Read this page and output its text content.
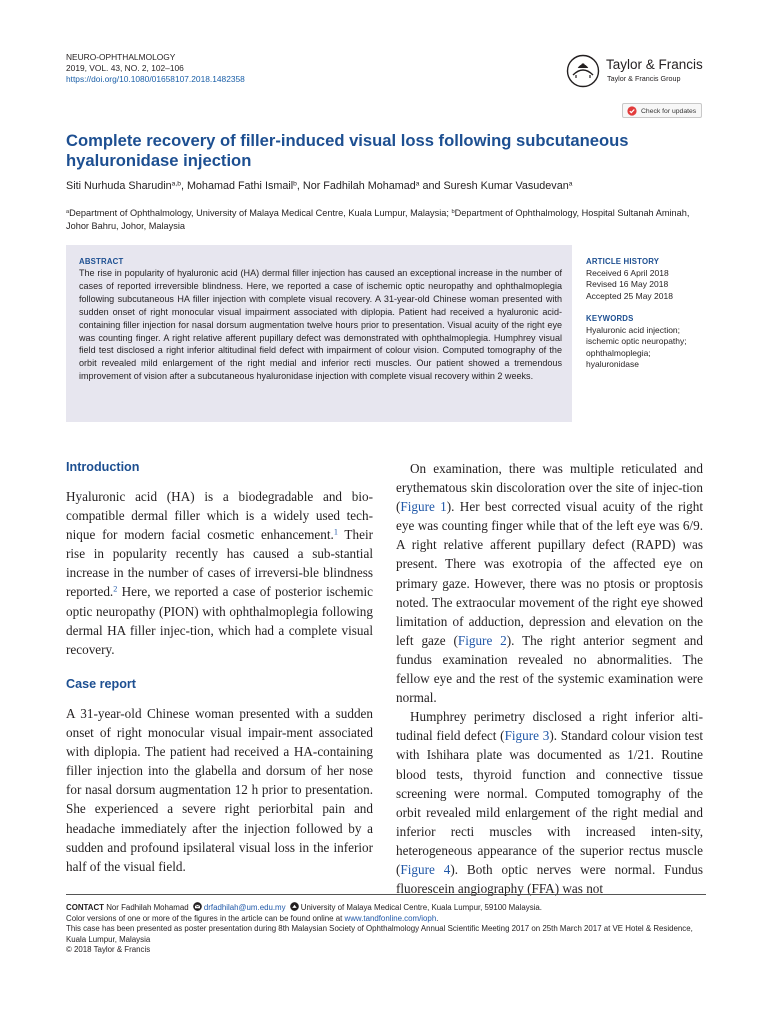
NEURO-OPHTHALMOLOGY
2019, VOL. 43, NO. 2, 102–106
https://doi.org/10.1080/01658107.2018.1482358
Taylor & Francis
Taylor & Francis Group
Check for updates
Complete recovery of filler-induced visual loss following subcutaneous hyaluronidase injection
Siti Nurhuda Sharudin$^{a,b}$, Mohamad Fathi Ismail$^b$, Nor Fadhilah Mohamad$^a$ and Suresh Kumar Vasudevan$^a$
$^a$Department of Ophthalmology, University of Malaya Medical Centre, Kuala Lumpur, Malaysia; $^b$Department of Ophthalmology, Hospital Sultanah Aminah, Johor Bahru, Johor, Malaysia
ABSTRACT
The rise in popularity of hyaluronic acid (HA) dermal filler injection has caused an exceptional increase in the number of cases of reported irreversible blindness. Here, we reported a case of ischemic optic neuropathy and ophthalmoplegia following subcutaneous HA filler injection with complete visual recovery. A 31-year-old Chinese woman presented with sudden onset of right monocular visual impairment associated with diplopia. Patient had received a hyaluronic acid-containing filler injection for nasal dorsum augmentation twelve hours prior to presentation. Visual acuity of the right eye was counting finger. A right relative afferent pupillary defect was demonstrated with ophthalmoplegia. Humphrey visual field test disclosed a right inferior altitudinal field defect with impairment of colour vision. Computed tomography of the orbit revealed mild enlargement of the right medial and inferior recti muscles. Our patient showed a tremendous improvement of vision after a subcutaneous hyaluronidase injection with complete visual recovery within 2 weeks.
ARTICLE HISTORY
Received 6 April 2018
Revised 16 May 2018
Accepted 25 May 2018
KEYWORDS
Hyaluronic acid injection;
ischemic optic neuropathy;
ophthalmoplegia;
hyaluronidase
Introduction

Hyaluronic acid (HA) is a biodegradable and bio-compatible dermal filler which is a widely used tech-nique for modern facial cosmetic enhancement.$^1$ Their rise in popularity recently has caused a sub-stantial increase in the number of cases of irreversi-ble blindness reported.$^2$ Here, we reported a case of posterior ischemic optic neuropathy (PION) with ophthalmoplegia following dermal HA filler injec-tion, which had a complete visual recovery.

Case report

A 31-year-old Chinese woman presented with a sudden onset of right monocular visual impair-ment associated with diplopia. The patient had received a HA-containing filler injection into the glabella and dorsum of her nose for nasal dorsum augmentation 12 h prior to presentation. She experienced a severe right periorbital pain and headache immediately after the injection followed by a sudden and profound ipsilateral visual loss in the inferior half of the visual field.

On examination, there was multiple reticulated and erythematous skin discoloration over the site of injec-tion (Figure 1). Her best corrected visual acuity of the right eye was counting finger while that of the left eye was 6/9. A right relative afferent pupillary defect (RAPD) was present. There was exotropia of the affected eye on primary gaze. However, there was no ptosis or proptosis noted. The extraocular movement of the right eye showed limitation of adduction, depression and elevation on the left gaze (Figure 2). The right anterior segment and fundus examination revealed no abnormalities. The fellow eye and the rest of the systemic examination were normal.

Humphrey perimetry disclosed a right inferior alti-tudinal field defect (Figure 3). Standard colour vision test with Ishihara plate was documented as 1/21. Routine blood tests, thyroid function and connective tissue screening were normal. Computed tomography of the orbit revealed mild enlargement of the right medial and inferior recti muscles with increased inten-sity, heterogeneous appearance of the superior rectus muscle (Figure 4). Both optic nerves were normal. Fundus fluorescein angiography (FFA) was not

CONTACT Nor Fadhilah Mohamad drfadhilah@um.edu.my University of Malaya Medical Centre, Kuala Lumpur, 59100 Malaysia.
Color versions of one or more of the figures in the article can be found online at www.tandfonline.com/ioph.
This case has been presented as poster presentation during 8th Malaysian Society of Ophthalmology Annual Scientific Meeting 2017 on 25th March 2017 at VE Hotel & Residence, Kuala Lumpur, Malaysia
© 2018 Taylor & Francis
